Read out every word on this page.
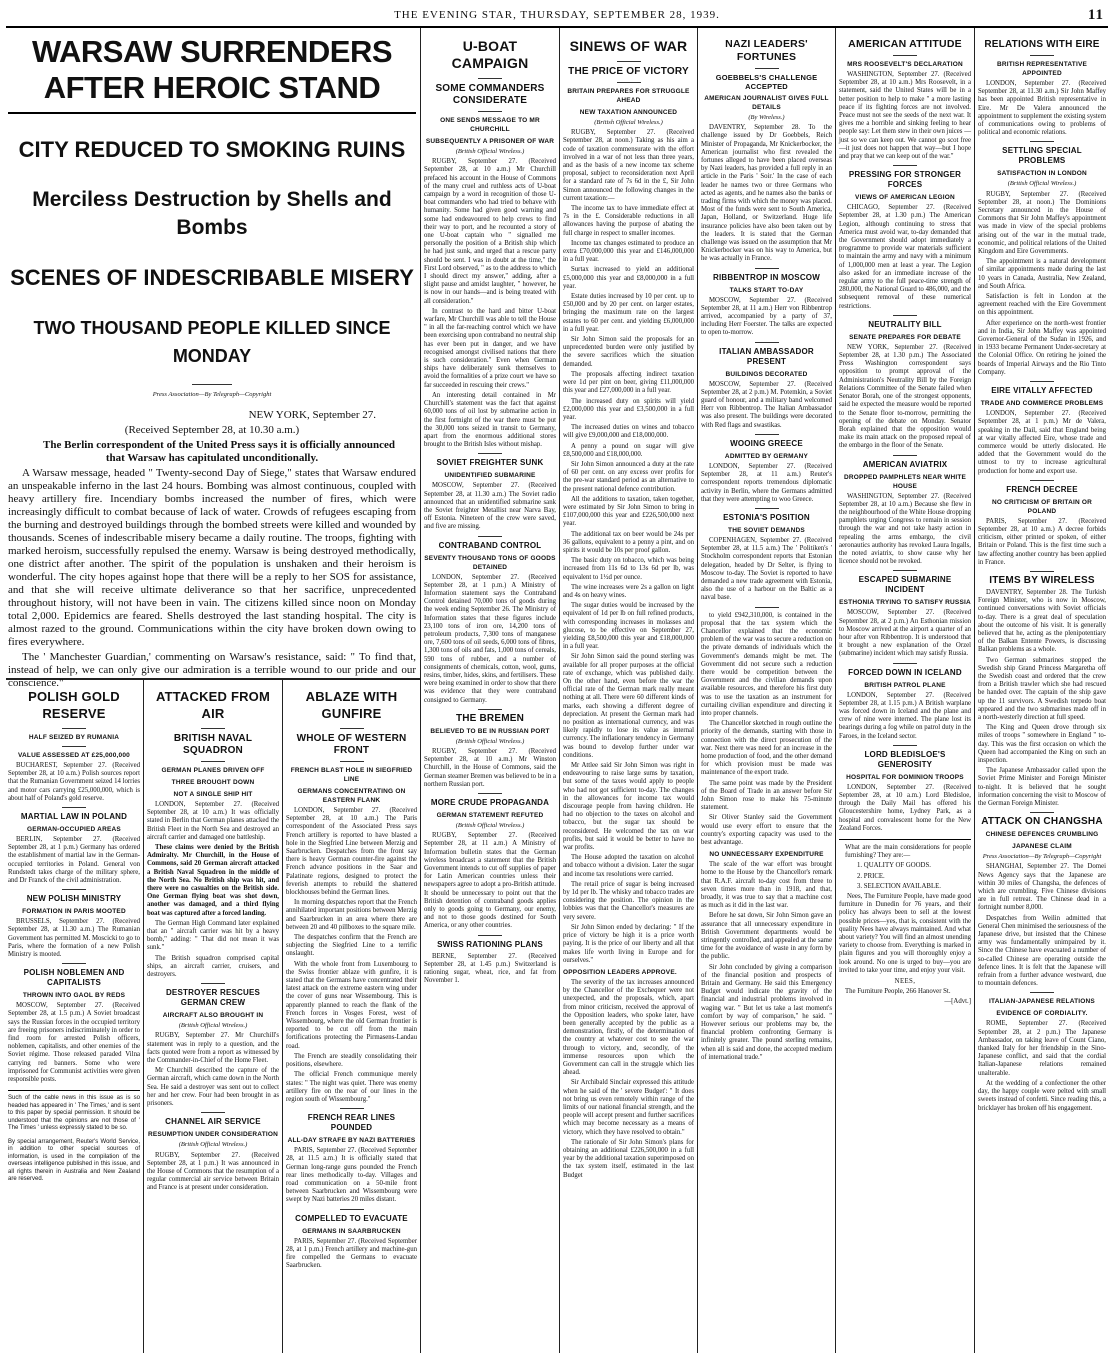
THE EVENING STAR, THURSDAY, SEPTEMBER 28, 1939.	11
WARSAW SURRENDERS AFTER HEROIC STAND
CITY REDUCED TO SMOKING RUINS
Merciless Destruction by Shells and Bombs
SCENES OF INDESCRIBABLE MISERY
TWO THOUSAND PEOPLE KILLED SINCE MONDAY

Press Association—By Telegraph—Copyright

NEW YORK, September 27.

(Received September 28, at 10.30 a.m.)

The Berlin correspondent of the United Press says it is officially announced that Warsaw has capitulated unconditionally.

A Warsaw message, headed " Twenty-second Day of Siege," states that Warsaw endured an unspeakable inferno in the last 24 hours. Bombing was almost continuous, coupled with heavy artillery fire. Incendiary bombs increased the number of fires, which were increasingly difficult to combat because of lack of water. Crowds of refugees escaping from the burning and destroyed buildings through the bombed streets were killed and wounded by thousands. Scenes of indescribable misery became a daily routine. The troops, fighting with marked heroism, successfully repulsed the enemy. Warsaw is being destroyed methodically, one district after another. The spirit of the population is unshaken and their heroism is wonderful. The city hopes against hope that there will be a reply to her SOS for assistance, and that she will receive ultimate deliverance so that her sacrifice, unprecedented throughout history, will not have been in vain. The citizens killed since noon on Monday total 2,000. Epidemics are feared. Shells destroyed the last standing hospital. The city is almost razed to the ground. Communications within the city have broken down owing to fires everywhere.

The ' Manchester Guardian,' commenting on Warsaw's resistance, said: " To find that, instead of help, we can only give our admiration is a terrible wound to our pride and our conscience."

POLISH GOLD RESERVE
HALF SEIZED BY RUMANIA
VALUE ASSESSED AT £25,000,000

BUCHAREST, September 27. (Received September 28, at 10 a.m.) Polish sources report that the Rumanian Government seized 14 lorries and motor cars carrying £25,000,000, which is about half of Poland's gold reserve.

MARTIAL LAW IN POLAND
GERMAN-OCCUPIED AREAS

BERLIN, September 27. (Received September 28, at 1 p.m.) Germany has ordered the establishment of martial law in the German-occupied territories in Poland. General von Rundstedt takes charge of the military sphere, and Dr Franck of the civil administration.

NEW POLISH MINISTRY
FORMATION IN PARIS MOOTED

BRUSSELS, September 27. (Received September 28, at 11.30 a.m.) The Rumanian Government has permitted M. Moscicki to go to Paris, where the formation of a new Polish Ministry is mooted.

POLISH NOBLEMEN AND CAPITALISTS
THROWN INTO GAOL BY REDS

MOSCOW, September 27. (Received September 28, at 1.5 p.m.) A Soviet broadcast says the Russian forces in the occupied territory are freeing prisoners indiscriminately in order to find room for arrested Polish officers, noblemen, capitalists, and other enemies of the Soviet régime. Those released paraded Vilna carrying red banners. Some who were imprisoned for Communist activities were given responsible posts.

Such of the cable news in this issue as is so headed has appeared in ' The Times,' and is sent to this paper by special permission. It should be understood that the opinions are not those of ' The Times ' unless expressly stated to be so.

By special arrangement, Reuter's World Service, in addition to other special sources of information, is used in the compilation of the overseas intelligence published in this issue, and all rights therein in Australia and New Zealand are reserved.

ATTACKED FROM AIR
BRITISH NAVAL SQUADRON
GERMAN PLANES DRIVEN OFF
THREE BROUGHT DOWN
NOT A SINGLE SHIP HIT

LONDON, September 27. (Received September 28, at 10 a.m.) It was officially stated in Berlin that German planes attacked the British Fleet in the North Sea and destroyed an aircraft carrier and damaged one battleship.

These claims were denied by the British Admiralty. Mr Churchill, in the House of Commons, said 20 German aircraft attacked a British Naval Squadron in the middle of the North Sea. No British ship was hit, and there were no casualties on the British side. One German flying boat was shot down, another was damaged, and a third flying boat was captured after a forced landing.

The German High Command later explained that an " aircraft carrier was hit by a heavy bomb," adding: " That did not mean it was sunk."

The British squadron comprised capital ships, an aircraft carrier, cruisers, and destroyers.

DESTROYER RESCUES GERMAN CREW
AIRCRAFT ALSO BROUGHT IN

(British Official Wireless.)

RUGBY, September 27. Mr Churchill's statement was in reply to a question, and the facts quoted were from a report as witnessed by the Commander-in-Chief of the Home Fleet.

Mr Churchill described the capture of the German aircraft, which came down in the North Sea. He said a destroyer was sent out to collect her and her crew. Four had been brought in as prisoners.

CHANNEL AIR SERVICE
RESUMPTION UNDER CONSIDERATION

(British Official Wireless.)

RUGBY, September 27. (Received September 28, at 1 p.m.) It was announced in the House of Commons that the resumption of a regular commercial air service between Britain and France is at present under consideration.

ABLAZE WITH GUNFIRE
WHOLE OF WESTERN FRONT
FRENCH BLAST HOLE IN SIEGFRIED LINE
GERMANS CONCENTRATING ON EASTERN FLANK

LONDON, September 27. (Received September 28, at 10 a.m.) The Paris correspondent of the Associated Press says French artillery is reported to have blasted a hole in the Siegfried Line between Merzig and Saarbrucken. Despatches from the front say there is heavy German counter-fire against the French advance positions in the Saar and Palatinate regions, designed to protect the feverish attempts to rebuild the shattered blockhouses behind the German lines.

In morning despatches report that the French annihilated important positions between Merzig and Saarbrucken in an area where there are between 20 and 40 pillboxes to the square mile.

The despatches confirm that the French are subjecting the Siegfried Line to a terrific onslaught.

With the whole front from Luxembourg to the Swiss frontier ablaze with gunfire, it is stated that the Germans have concentrated their latest attack on the extreme eastern wing under the cover of guns near Wissembourg. This is apparently planned to reach the flank of the French forces in Vosges Forest, west of Wissembourg, where the old German frontier is reported to be cut off from the main fortifications protecting the Pirmasens-Landau road.

The French are steadily consolidating their positions, elsewhere.

The official French communique merely states: " The night was quiet. There was enemy artillery fire on the rear of our lines in the region south of Wissembourg."

FRENCH REAR LINES POUNDED
ALL-DAY STRAFE BY NAZI BATTERIES

PARIS, September 27. (Received September 28, at 11.5 a.m.) It is officially stated that German long-range guns pounded the French rear lines methodically to-day. Villages and road communication on a 50-mile front between Saarbrucken and Wissembourg were swept by Nazi batteries 20 miles distant.

COMPELLED TO EVACUATE
GERMANS IN SAARBRUCKEN

PARIS, September 27. (Received September 28, at 1 p.m.) French artillery and machine-gun fire compelled the Germans to evacuate Saarbrucken.

U-BOAT CAMPAIGN
SOME COMMANDERS CONSIDERATE
ONE SENDS MESSAGE TO MR CHURCHILL
SUBSEQUENTLY A PRISONER OF WAR

(British Official Wireless.)

RUGBY, September 27. (Received September 28, at 10 a.m.) Mr Churchill prefaced his account in the House of Commons of the many cruel and ruthless acts of U-boat campaign by a word in recognition of those U-boat commanders who had tried to behave with humanity. Some had given good warning and some had endeavoured to help crews to find their way to port, and he recounted a story of one U-boat captain who " signalled me personally the position of a British ship which he had just sunk, and urged that a rescue party should be sent. I was in doubt at the time," the First Lord observed, " as to the address to which I should direct my answer," adding, after a slight pause and amidst laughter, " however, he is now in our hands—and is being treated with all consideration."

In contrast to the hard and bitter U-boat warfare, Mr Churchill was able to tell the House " in all the far-reaching control which we have been exercising upon contraband no neutral ship has ever been put in danger, and we have recognised amongst civilised nations that there is such consideration." Even when German ships have deliberately sunk themselves to avoid the formalities of a prize court we have so far succeeded in rescuing their crews."

An interesting detail contained in Mr Churchill's statement was the fact that against 60,000 tons of oil lost by submarine action in the first fortnight of the war there must be put the 30,000 tons seized in transit to Germany, apart from the enormous additional stores brought to the British Isles without mishap.

SOVIET FREIGHTER SUNK
UNIDENTIFIED SUBMARINE

MOSCOW, September 27. (Received September 28, at 11.30 a.m.) The Soviet radio announced that an unidentified submarine sank the Soviet freighter Metallist near Narva Bay, off Estonia. Nineteen of the crew were saved, and five are missing.

CONTRABAND CONTROL
SEVENTY THOUSAND TONS OF GOODS DETAINED

LONDON, September 27. (Received September 28, at 1 p.m.) A Ministry of Information statement says the Contraband Control detained 70,000 tons of goods during the week ending September 26. The Ministry of Information states that these figures include 23,100 tons of iron ore, 14,200 tons of petroleum products, 7,300 tons of manganese ore, 7,600 tons of oil seeds, 6,000 tons of fibres, 1,300 tons of oils and fats, 1,000 tons of cereals, 590 tons of rubber, and a number of consignments of chemicals, cotton, wool, gums, resins, timber, hides, skins, and fertilisers. These were being examined in order to show that there was evidence that they were contraband consigned to Germany.

THE BREMEN
BELIEVED TO BE IN RUSSIAN PORT

(British Official Wireless.)

RUGBY, September 27. (Received September 28, at 10 a.m.) Mr Winston Churchill, in the House of Commons, said the German steamer Bremen was believed to be in a northern Russian port.

MORE CRUDE PROPAGANDA
GERMAN STATEMENT REFUTED

(British Official Wireless.)

RUGBY, September 27. (Received September 28, at 11 a.m.) A Ministry of Information bulletin states that the German wireless broadcast a statement that the British Government intends to cut off supplies of paper for Latin American countries unless their newspapers agree to adopt a pro-British attitude. It should be unnecessary to point out that the British detention of contraband goods applies only to goods going to Germany, our enemy, and not to those goods destined for South America, or any other countries.

SWISS RATIONING PLANS

BERNE, September 27. (Received September 28, at 1.45 p.m.) Switzerland is rationing sugar, wheat, rice, and fat from November 1.

SINEWS OF WAR
THE PRICE OF VICTORY
BRITAIN PREPARES FOR STRUGGLE AHEAD
NEW TAXATION ANNOUNCED

(British Official Wireless.)

RUGBY, September 27. (Received September 28, at noon.) Taking as his aim a code of taxation commensurate with the effort involved in a war of not less than three years, and as the basis of a new income tax scheme proposal, subject to reconsideration next April for a standard rate of 7s 6d in the £, Sir John Simon announced the following changes in the current taxation:—

The income tax to have immediate effect at 7s in the £. Considerable reductions in all allowances having the purpose of abating the full charge in respect to smaller incomes.

Income tax changes estimated to produce an extra £70,000,000 this year and £146,000,000 in a full year.

Surtax increased to yield an additional £5,000,000 this year and £8,000,000 in a full year.

Estate duties increased by 10 per cent. up to £50,000 and by 20 per cent. on larger estates, bringing the maximum rate on the largest estates to 60 per cent. and yielding £6,000,000 in a full year.

Sir John Simon said the proposals for an unprecedented burden were only justified by the severe sacrifices which the situation demanded.

The proposals affecting indirect taxation were 1d per pint on beer, giving £11,000,000 this year and £27,000,000 in a full year.

The increased duty on spirits will yield £2,000,000 this year and £3,500,000 in a full year.

The increased duties on wines and tobacco will give £9,000,000 and £18,000,000.

A penny a pound on sugar will give £8,500,000 and £18,000,000.

Sir John Simon announced a duty at the rate of 60 per cent. on any excess over profits for the pre-war standard period as an alternative to the present national defence contribution.

All the additions to taxation, taken together, were estimated by Sir John Simon to bring in £107,000,000 this year and £226,500,000 next year.

The additional tax on beer would be 24s per 36 gallons, equivalent to a penny a pint, and on spirits it would be 10s per proof gallon.

The basic duty on tobacco, which was being increased from 11s 6d to 13s 6d per lb, was equivalent to 1½d per ounce.

The wine increases were 2s a gallon on light and 4s on heavy wines.

The sugar duties would be increased by the equivalent of 1d per lb on full refined products, with corresponding increases in molasses and glucose, to be effective on September 27, yielding £8,500,000 this year and £18,000,000 in a full year.

Sir John Simon said the pound sterling was available for all proper purposes at the official rate of exchange, which was published daily. On the other hand, even before the war the official rate of the German mark really meant nothing at all. There were 60 different kinds of marks, each showing a different degree of depreciation. At present the German mark had no position as international currency, and was likely rapidly to lose its value as internal currency. The inflationary tendency in Germany was bound to develop further under war conditions.

Mr Attlee said Sir John Simon was right in endeavouring to raise large sums by taxation, but some of the taxes would apply to people who had not got sufficient to-day. The changes in the allowances for income tax would discourage people from having children. He had no objection to the taxes on alcohol and tobacco, but the sugar tax should be reconsidered. He welcomed the tax on war profits, but said it would be better to have no war profits.

The House adopted the taxation on alcohol and tobacco without a division. Later the sugar and income tax resolutions were carried.

The retail price of sugar is being increased by 1d per lb. The whisky and tobacco trades are considering the position. The opinion in the lobbies was that the Chancellor's measures are very severe.

Sir John Simon ended by declaring: " If the price of victory be high it is a price worth paying. It is the price of our liberty and all that makes life worth living in Europe and for ourselves."

OPPOSITION LEADERS APPROVE.

The severity of the tax increases announced by the Chancellor of the Exchequer were not unexpected, and the proposals, which, apart from minor criticism, received the approval of the Opposition leaders, who spoke later, have been generally accepted by the public as a demonstration, firstly, of the determination of the country at whatever cost to see the war through to victory, and, secondly, of the immense resources upon which the Government can call in the struggle which lies ahead.

Sir Archibald Sinclair expressed this attitude when he said of the ' severe Budget': " It does not bring us even remotely within range of the limits of our national financial strength, and the people will accept present and further sacrifices which may become necessary as a means of victory, which they have resolved to obtain."

The rationale of Sir John Simon's plans for obtaining an additional £226,500,000 in a full year by the additional taxation superimposed on the tax system itself, estimated in the last Budget

NAZI LEADERS' FORTUNES
GOEBBELS'S CHALLENGE ACCEPTED
AMERICAN JOURNALIST GIVES FULL DETAILS

(By Wireless.)

DAVENTRY, September 28. To the challenge issued by Dr Goebbels, Reich Minister of Propaganda, Mr Knickerbocker, the American journalist who first revealed the fortunes alleged to have been placed overseas by Nazi leaders, has provided a full reply in an article in the Paris ' Soir.' In the case of each leader he names two or three Germans who acted as agents, and he names also the banks or trading firms with which the money was placed. Most of the funds were sent to South America, Japan, Holland, or Switzerland. Huge life insurance policies have also been taken out by the leaders. It is stated that the German challenge was issued on the assumption that Mr Knickerbocker was on his way to America, but he was actually in France.

RIBBENTROP IN MOSCOW
TALKS START TO-DAY

MOSCOW, September 27. (Received September 28, at 11 a.m.) Herr von Ribbentrop arrived, accompanied by a party of 37, including Herr Foerster. The talks are expected to open to-morrow.

ITALIAN AMBASSADOR PRESENT
BUILDINGS DECORATED

MOSCOW, September 27. (Received September 28, at 2 p.m.) M. Potemkin, a Soviet guard of honour, and a military band welcomed Herr von Ribbentrop. The Italian Ambassador was also present. The buildings were decorated with Red flags and swastikas.

WOOING GREECE
ADMITTED BY GERMANY

LONDON, September 27. (Received September 28, at 11 a.m.) Reuter's correspondent reports tremendous diplomatic activity in Berlin, where the Germans admitted that they were attempting to woo Greece.

ESTONIA'S POSITION
THE SOVIET DEMANDS

COPENHAGEN, September 27. (Received September 28, at 11.5 a.m.) The ' Politiken's ' Stockholm correspondent reports that Estonian delegation, headed by Dr Selter, is flying to Moscow to-day. The Soviet is reported to have demanded a new trade agreement with Estonia, also the use of a harbour on the Baltic as a naval base.

to yield £942,310,000, is contained in the proposal that the tax system which the Chancellor explained that the economic problem of the war was to secure a reduction on the private demands of individuals which the Government's demands might be met. The Government did not secure such a reduction there would be competition between the Government and the civilian demands upon available resources, and therefore his first duty was to use the taxation as an instrument for curtailing civilian expenditure and directing it into proper channels.

The Chancellor sketched in rough outline the priority of the demands, starting with those in connection with the direct prosecution of the war. Next there was need for an increase in the home production of food, and the other demand for which provision must be made was maintenance of the export trade.

The same point was made by the President of the Board of Trade in an answer before Sir John Simon rose to make his 75-minute statement.

Sir Oliver Stanley said the Government would use every effort to ensure that the country's exporting capacity was used to the best advantage.

NO UNNECESSARY EXPENDITURE

The scale of the war effort was brought home to the House by the Chancellor's remark that R.A.F. aircraft to-day cost from three to seven times more than in 1918, and that, broadly, it was true to say that a machine cost as much as it did in the last war.

Before he sat down, Sir John Simon gave an assurance that all unnecessary expenditure in British Government departments would be stringently controlled, and appealed at the same time for the avoidance of waste in any form by the public.

Sir John concluded by giving a comparison of the financial position and prospects of Britain and Germany. He said this Emergency Budget would indicate the gravity of the financial and industrial problems involved in waging war. " But let us take a last moment's comfort by way of comparison," he said. " However serious our problems may be, the financial problem confronting Germany is infinitely greater. The pound sterling remains, when all is said and done, the accepted medium of international trade."

AMERICAN ATTITUDE
MRS ROOSEVELT'S DECLARATION

WASHINGTON, September 27. (Received September 28, at 10 a.m.) Mrs Roosevelt, in a statement, said the United States will be in a better position to help to make " a more lasting peace if its fighting forces are not involved. Peace must not see the seeds of the next war. It gives me a horrible and sinking feeling to hear people say: Let them stew in their own juices —just so we can keep out. We cannot go scot free—it just does not happen that way—but I hope and pray that we can keep out of the war."

PRESSING FOR STRONGER FORCES
VIEWS OF AMERICAN LEGION

CHICAGO, September 27. (Received September 28, at 1.30 p.m.) The American Legion, although continuing to stress that America must avoid war, to-day demanded that the Government should adopt immediately a programme to provide war materials sufficient to maintain the army and navy with a minimum of 1,000,000 men at least a year. The Legion also asked for an immediate increase of the regular army to the full peace-time strength of 280,000, the National Guard to 486,000, and the subsequent removal of these numerical restrictions.

NEUTRALITY BILL
SENATE PREPARES FOR DEBATE

NEW YORK, September 27. (Received September 28, at 1.30 p.m.) The Associated Press Washington correspondent says opposition to prompt approval of the Administration's Neutrality Bill by the Foreign Relations Committee of the Senate failed when Senator Borah, one of the strongest opponents, said he expected the measure would be reported to the Senate floor to-morrow, permitting the opening of the debate on Monday. Senator Borah explained that the opposition would make its main attack on the proposed repeal of the embargo in the floor of the Senate.

AMERICAN AVIATRIX
DROPPED PAMPHLETS NEAR WHITE HOUSE

WASHINGTON, September 27. (Received September 28, at 10 a.m.) Because she flew in the neighbourhood of the White House dropping pamphlets urging Congress to remain in session through the war and not take hasty action in repealing the arms embargo, the civil aeronautics authority has revoked Laura Ingalls, the noted aviatrix, to show cause why her licence should not be revoked.

ESCAPED SUBMARINE INCIDENT
ESTHONIA TRYING TO SATISFY RUSSIA

MOSCOW, September 27. (Received September 28, at 2 p.m.) An Esthonian mission to Moscow arrived at the airport a quarter of an hour after von Ribbentrop. It is understood that it brought a new explanation of the Orzel (submarine) incident which may satisfy Russia.

FORCED DOWN IN ICELAND
BRITISH PATROL PLANE

LONDON, September 27. (Received September 28, at 1.15 p.m.) A British warplane was forced down in Iceland and the plane and crew of nine were interned. The plane lost its bearings during a fog while on patrol duty in the Faroes, in the Iceland sector.

LORD BLEDISLOE'S GENEROSITY
HOSPITAL FOR DOMINION TROOPS

LONDON, September 27. (Received September 28, at 10 a.m.) Lord Bledisloe, through the Daily Mail has offered his Gloucestershire home, Lydney Park, as a hospital and convalescent home for the New Zealand Forces.

What are the main considerations for people furnishing? They are:—

1. QUALITY OF GOODS.

2. PRICE.

3. SELECTION AVAILABLE.

Nees, The Furniture People, have made good furniture in Dunedin for 76 years, and their policy has always been to sell at the lowest possible prices—yes, that is, consistent with the quality Nees have always maintained. And what about variety? You will find an almost unending variety to choose from. Everything is marked in plain figures and you will thoroughly enjoy a look around. No one is urged to buy—you are invited to take your time, and enjoy your visit.

NEES,

The Furniture People, 266 Hanover St.

—[Advt.]

RELATIONS WITH EIRE
BRITISH REPRESENTATIVE APPOINTED

LONDON, September 27. (Received September 28, at 11.30 a.m.) Sir John Maffey has been appointed British representative in Eire. Mr De Valera announced the appointment to supplement the existing system of communications owing to problems of political and economic relations.

SETTLING SPECIAL PROBLEMS
SATISFACTION IN LONDON

(British Official Wireless.)

RUGBY, September 27. (Received September 28, at noon.) The Dominions Secretary announced in the House of Commons that Sir John Maffey's appointment was made in view of the special problems arising out of the war in the mutual trade, economic, and political relations of the United Kingdom and Eire Governments.

The appointment is a natural development of similar appointments made during the last 10 years in Canada, Australia, New Zealand, and South Africa.

Satisfaction is felt in London at the agreement reached with the Eire Government on this appointment.

After experience on the north-west frontier and in India, Sir John Maffey was appointed Governor-General of the Sudan in 1926, and in 1933 became Permanent Under-secretary at the Colonial Office. On retiring he joined the boards of Imperial Airways and the Rio Tinto Company.

EIRE VITALLY AFFECTED
TRADE AND COMMERCE PROBLEMS

LONDON, September 27. (Received September 28, at 1 p.m.) Mr de Valera, speaking in the Dail, said that England being at war vitally affected Eire, whose trade and commerce would be utterly dislocated. He added that the Government would do the utmost to try to increase agricultural production for home and export use.

FRENCH DECREE
NO CRITICISM OF BRITAIN OR POLAND

PARIS, September 27. (Received September 28, at 10 a.m.) A decree forbids criticism, either printed or spoken, of either Britain or Poland. This is the first time such a law affecting another country has been applied in France.

ITEMS BY WIRELESS

DAVENTRY, September 28. The Turkish Foreign Minister, who is now in Moscow, continued conversations with Soviet officials to-day. There is a great deal of speculation about the outcome of his visit. It is generally believed that he, acting as the plenipotentiary of the Balkan Entente Powers, is discussing Balkan problems as a whole.

Two German submarines stopped the Swedish ship Grand Princess Margaretha off the Swedish coast and ordered that the crew from a British trawler which she had rescued be handed over. The captain of the ship gave up the 11 survivors. A Swedish torpedo boat appeared and the two submarines made off in a north-westerly direction at full speed.

The King and Queen drove through six miles of troops " somewhere in England " to-day. This was the first occasion on which the Queen had accompanied the King on such an inspection.

The Japanese Ambassador called upon the Soviet Prime Minister and Foreign Minister to-night. It is believed that he sought information concerning the visit to Moscow of the German Foreign Minister.

ATTACK ON CHANGSHA
CHINESE DEFENCES CRUMBLING
JAPANESE CLAIM

Press Association—By Telegraph—Copyright

SHANGHAI, September 27. The Domei News Agency says that the Japanese are within 30 miles of Changsha, the defences of which are crumbling. Five Chinese divisions are in full retreat. The Chinese dead in a fortnight number 8,000.

Despatches from Weilin admitted that General Chen minimised the seriousness of the Japanese drive, but insisted that the Chinese army was fundamentally unimpaired by it. Since the Chinese have evacuated a number of so-called Chinese are operating outside the defence lines. It is felt that the Japanese will refrain from a further advance westward, due to mountain defences.

ITALIAN-JAPANESE RELATIONS
EVIDENCE OF CORDIALITY.

ROME, September 27. (Received September 28, at 2 p.m.) The Japanese Ambassador, on taking leave of Count Ciano, thanked Italy for her friendship in the Sino-Japanese conflict, and said that the cordial Italian-Japanese relations remained unalterable.

At the wedding of a confectioner the other day, the happy couple were pelted with small sweets instead of confetti. Since reading this, a bricklayer has broken off his engagement.
